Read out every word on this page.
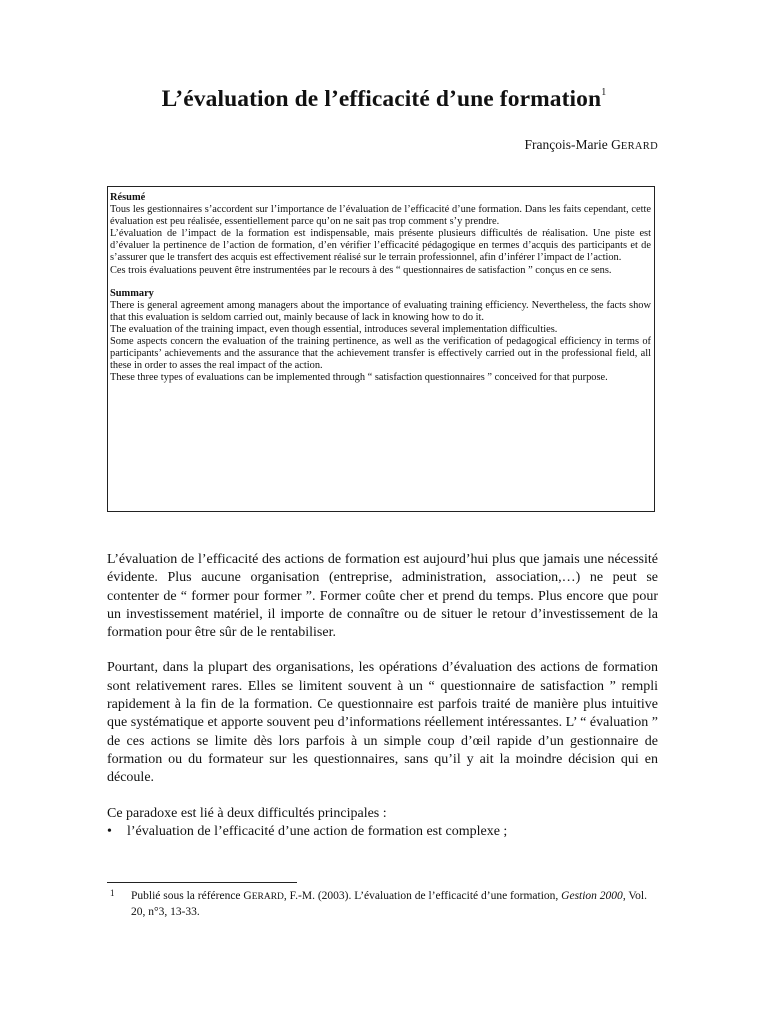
L’évaluation de l’efficacité d’une formation$^1$
François-Marie GERARD

Résumé

Tous les gestionnaires s’accordent sur l’importance de l’évaluation de l’efficacité d’une formation. Dans les faits cependant, cette évaluation est peu réalisée, essentiellement parce qu’on ne sait pas trop comment s’y prendre.

L’évaluation de l’impact de la formation est indispensable, mais présente plusieurs difficultés de réalisation. Une piste est d’évaluer la pertinence de l’action de formation, d’en vérifier l’efficacité pédagogique en termes d’acquis des participants et de s’assurer que le transfert des acquis est effectivement réalisé sur le terrain professionnel, afin d’inférer l’impact de l’action.

Ces trois évaluations peuvent être instrumentées par le recours à des “ questionnaires de satisfaction ” conçus en ce sens.

Summary

There is general agreement among managers about the importance of evaluating training efficiency. Nevertheless, the facts show that this evaluation is seldom carried out, mainly because of lack in knowing how to do it.

The evaluation of the training impact, even though essential, introduces several implementation difficulties.

Some aspects concern the evaluation of the training pertinence, as well as the verification of pedagogical efficiency in terms of participants’ achievements and the assurance that the achievement transfer is effectively carried out in the professional field, all these in order to asses the real impact of the action.

These three types of evaluations can be implemented through “ satisfaction questionnaires ” conceived for that purpose.

L’évaluation de l’efficacité des actions de formation est aujourd’hui plus que jamais une nécessité évidente. Plus aucune organisation (entreprise, administration, association,…) ne peut se contenter de “ former pour former ”. Former coûte cher et prend du temps. Plus encore que pour un investissement matériel, il importe de connaître ou de situer le retour d’investissement de la formation pour être sûr de le rentabiliser.

Pourtant, dans la plupart des organisations, les opérations d’évaluation des actions de formation sont relativement rares. Elles se limitent souvent à un “ questionnaire de satisfaction ” rempli rapidement à la fin de la formation. Ce questionnaire est parfois traité de manière plus intuitive que systématique et apporte souvent peu d’informations réellement intéressantes. L’ “ évaluation ” de ces actions se limite dès lors parfois à un simple coup d’œil rapide d’un gestionnaire de formation ou du formateur sur les questionnaires, sans qu’il y ait la moindre décision qui en découle.

Ce paradoxe est lié à deux difficultés principales :

• l’évaluation de l’efficacité d’une action de formation est complexe ;
1 Publié sous la référence GERARD, F.-M. (2003). L’évaluation de l’efficacité d’une formation, Gestion 2000, Vol. 20, n°3, 13-33.
